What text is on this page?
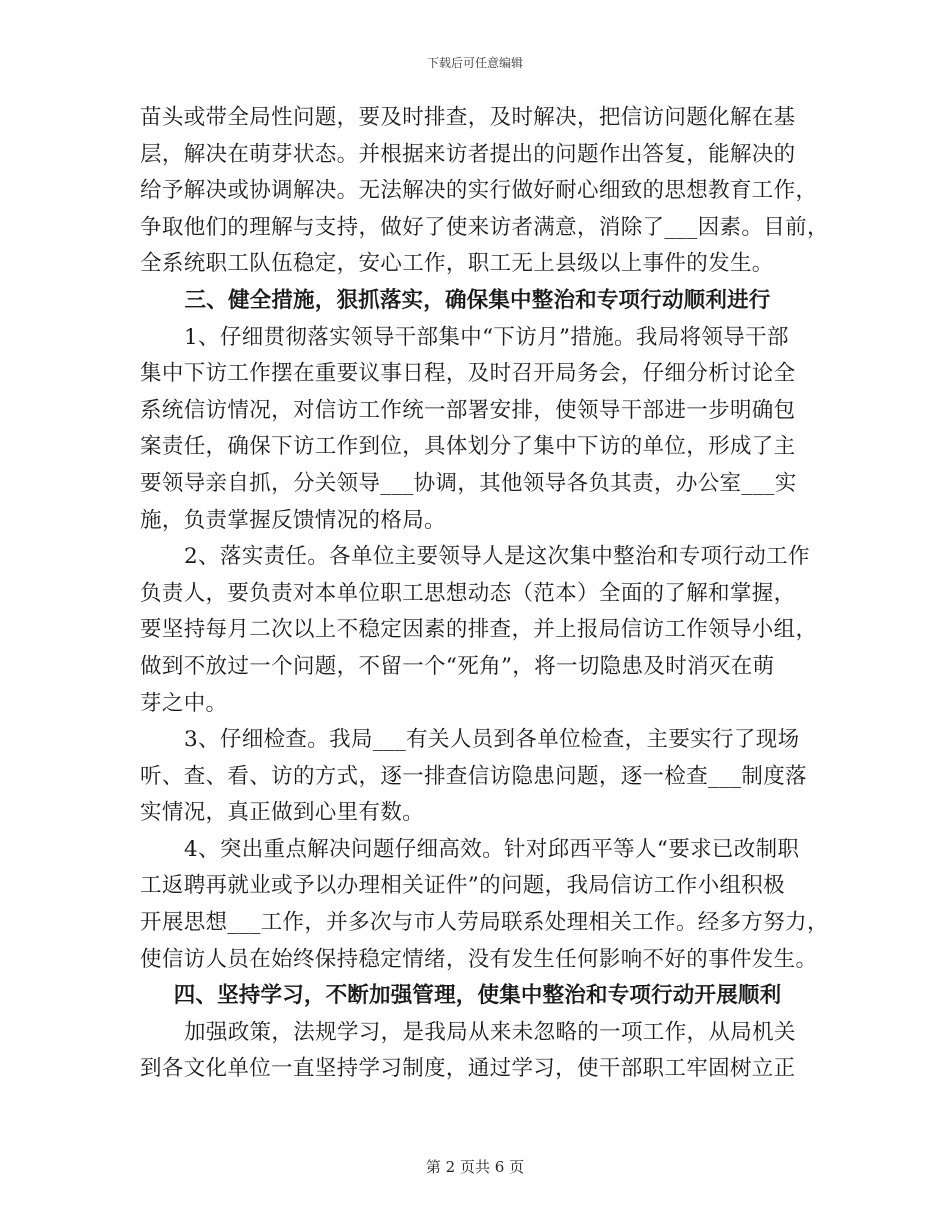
下载后可任意编辑
苗头或带全局性问题，要及时排查，及时解决，把信访问题化解在基
层，解决在萌芽状态。并根据来访者提出的问题作出答复，能解决的
给予解决或协调解决。无法解决的实行做好耐心细致的思想教育工作，
争取他们的理解与支持，做好了使来访者满意，消除了___因素。目前，
全系统职工队伍稳定，安心工作，职工无上县级以上事件的发生。
三、健全措施，狠抓落实，确保集中整治和专项行动顺利进行
1、仔细贯彻落实领导干部集中“下访月”措施。我局将领导干部
集中下访工作摆在重要议事日程，及时召开局务会，仔细分析讨论全
系统信访情况，对信访工作统一部署安排，使领导干部进一步明确包
案责任，确保下访工作到位，具体划分了集中下访的单位，形成了主
要领导亲自抓，分关领导___协调，其他领导各负其责，办公室___实
施，负责掌握反馈情况的格局。
2、落实责任。各单位主要领导人是这次集中整治和专项行动工作
负责人，要负责对本单位职工思想动态（范本）全面的了解和掌握，
要坚持每月二次以上不稳定因素的排查，并上报局信访工作领导小组，
做到不放过一个问题，不留一个“死角”，将一切隐患及时消灭在萌
芽之中。
3、仔细检查。我局___有关人员到各单位检查，主要实行了现场
听、查、看、访的方式，逐一排查信访隐患问题，逐一检查___制度落
实情况，真正做到心里有数。
4、突出重点解决问题仔细高效。针对邱西平等人“要求已改制职
工返聘再就业或予以办理相关证件”的问题，我局信访工作小组积极
开展思想___工作，并多次与市人劳局联系处理相关工作。经多方努力，
使信访人员在始终保持稳定情绪，没有发生任何影响不好的事件发生。
四、坚持学习，不断加强管理，使集中整治和专项行动开展顺利
加强政策，法规学习，是我局从来未忽略的一项工作，从局机关
到各文化单位一直坚持学习制度，通过学习，使干部职工牢固树立正
第 2 页共 6 页
